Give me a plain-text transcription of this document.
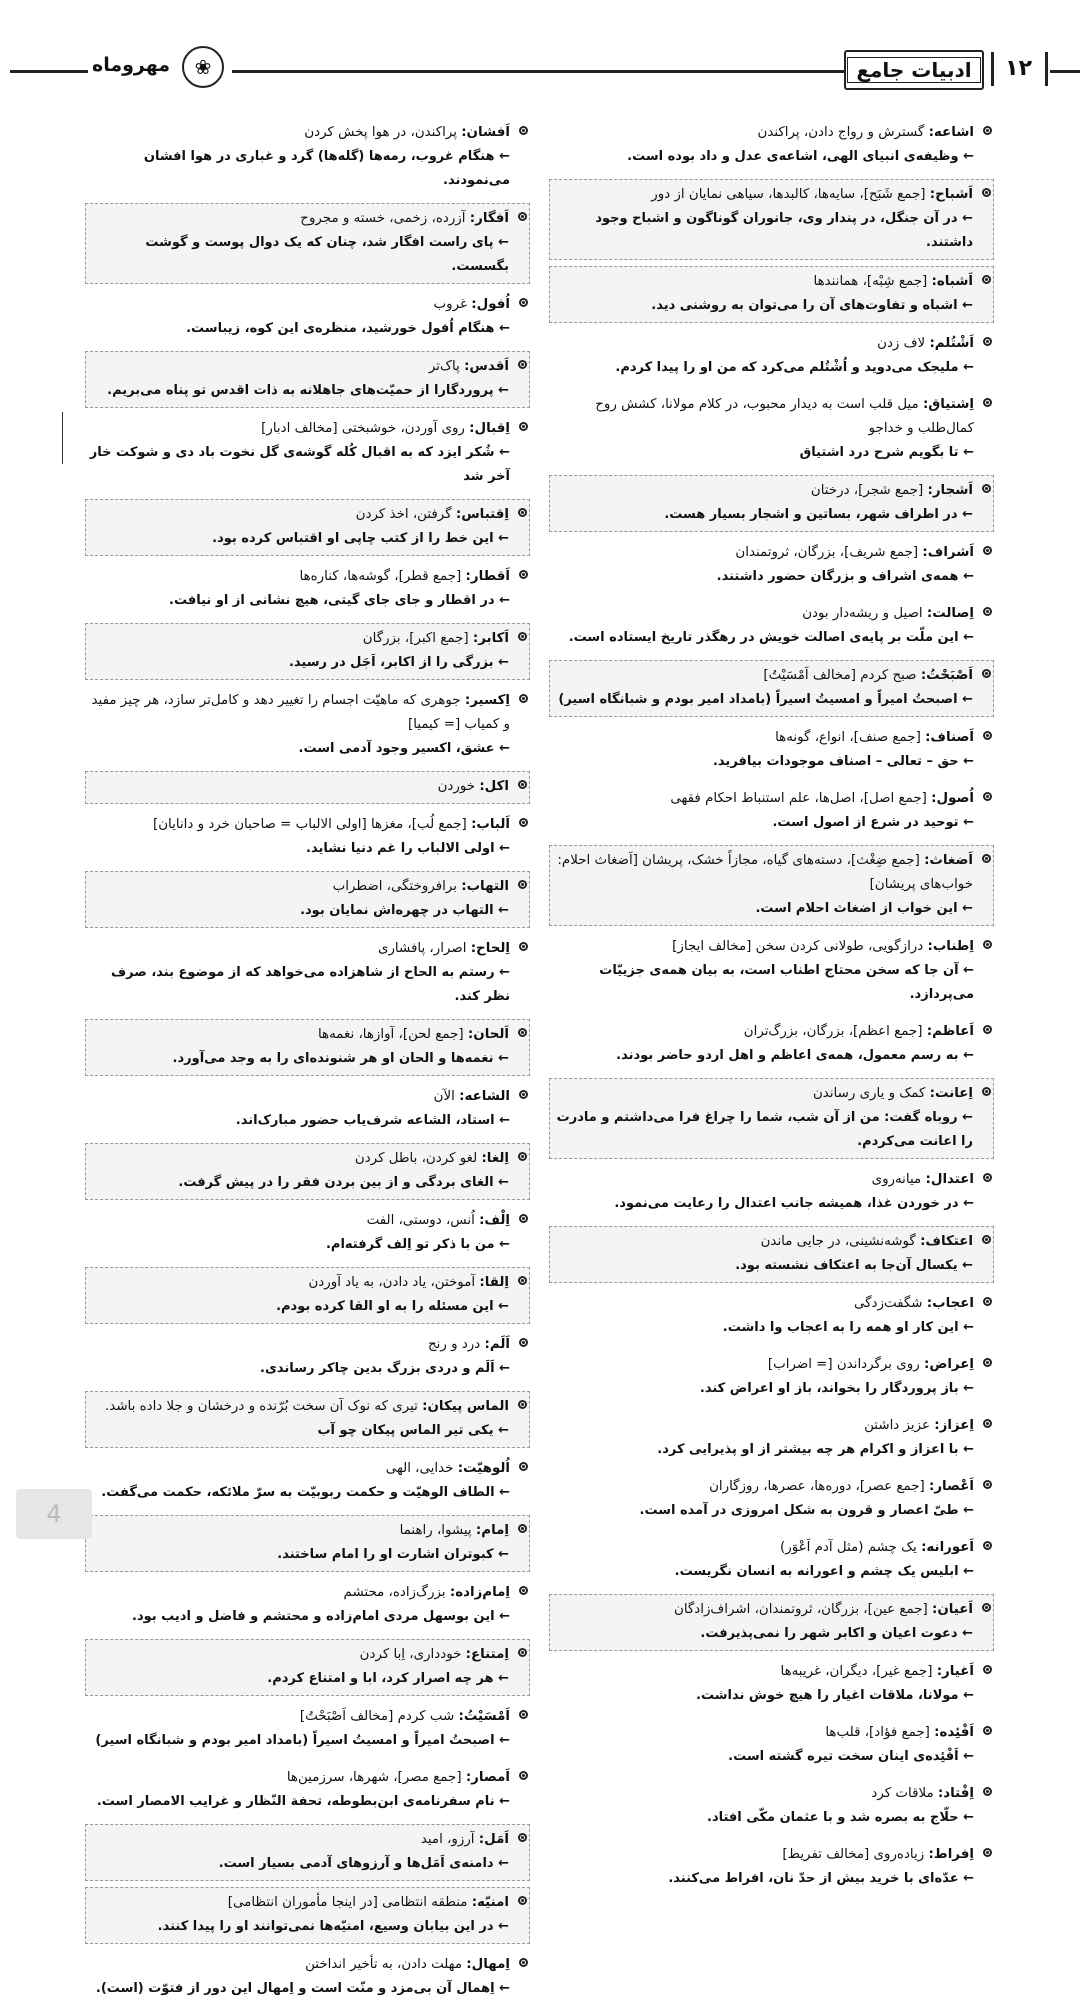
۱۲
ادبیات جامع
❀
مهروماه
اشاعه: گسترش و رواج دادن، پراکندن
← وظیفه‌ی انبیای الهی، اشاعه‌ی عدل و داد بوده است.
اَشباح: [جمع شَبَح]، سایه‌ها، کالبدها، سیاهی نمایان از دور
← در آن جنگل، در پندار وی، جانوران گوناگون و اشباح وجود داشتند.
اَشباه: [جمع شِبْه]، همانندها
← اشباه و تفاوت‌های آن را می‌توان به روشنی دید.
اَشْتُلم: لاف زدن
← ملیجک می‌دوید و اُشْتُلم می‌کرد که من او را پیدا کردم.
اِشتیاق: میل قلب است به دیدار محبوب، در کلام مولانا، کشش روح کمال‌طلب و خداجو
← تا بگویم شرح درد اشتیاق
اَشجار: [جمع شجر]، درختان
← در اطراف شهر، بساتین و اشجار بسیار هست.
اَشراف: [جمع شریف]، بزرگان، ثروتمندان
← همه‌ی اشراف و بزرگان حضور داشتند.
اِصالت: اصیل و ریشه‌دار بودن
← این ملّت بر پایه‌ی اصالت خویش در رهگذر تاریخ ایستاده است.
اَصْبَحْتُ: صبح کردم [مخالف اَمْسَیْتُ]
← اصبحتُ امیراً و امسیتُ اسیراً (بامداد امیر بودم و شبانگاه اسیر)
اَصناف: [جمع صنف]، انواع، گونه‌ها
← حق – تعالی – اصناف موجودات بیافرید.
اُصول: [جمع اصل]، اصل‌ها، علم استنباط احکام فقهی
← توحید در شرع از اصول است.
اَضغاث: [جمع ضِغْث]، دسته‌های گیاه، مجازاً خشک، پریشان [اَضغاث احلام: خواب‌های پریشان]
← این خواب از اضغاث احلام است.
اِطناب: درازگویی، طولانی کردن سخن [مخالف ایجاز]
← آن جا که سخن محتاج اطناب است، به بیان همه‌ی جزییّات می‌پردازد.
اَعاظم: [جمع اعظم]، بزرگان، بزرگ‌تران
← به رسم معمول، همه‌ی اعاظم و اهل اردو حاضر بودند.
اِعانت: کمک و یاری رساندن
← روباه گفت: من از آن شب، شما را چراغ فرا می‌داشتم و مادرت را اعانت می‌کردم.
اعتدال: میانه‌روی
← در خوردن غذا، همیشه جانب اعتدال را رعایت می‌نمود.
اعتکاف: گوشه‌نشینی، در جایی ماندن
← یکسال آن‌جا به اعتکاف نشسته بود.
اعجاب: شگفت‌زدگی
← این کار او همه را به اعجاب وا داشت.
اِعراض: روی برگرداندن [= اضراب]
← باز پروردگار را بخواند، باز او اعراض کند.
اِعزاز: عزیز داشتن
← با اعزاز و اکرام هر چه بیشتر از او پذیرایی کرد.
اَعْصار: [جمع عصر]، دوره‌ها، عصرها، روزگاران
← طیّ اعصار و قرون به شکل امروزی در آمده است.
اَعورانه: یک چشم (مثل آدم اَعْوَر)
← ابلیس یک چشم و اعورانه به انسان نگریست.
اَعیان: [جمع عین]، بزرگان، ثروتمندان، اشراف‌زادگان
← دعوت اعیان و اکابر شهر را نمی‌پذیرفت.
اَغیار: [جمع غیر]، دیگران، غریبه‌ها
← مولانا، ملاقات اغیار را هیچ خوش نداشت.
اَفْئِده: [جمع فؤاد]، قلب‌ها
← اَفْئِده‌ی اینان سخت تیره گشته است.
اِفْتاد: ملاقات کرد
← حلّاج به بصره شد و با عثمان مکّی افتاد.
اِفراط: زیاده‌روی [مخالف تفریط]
← عدّه‌ای با خرید بیش از حدّ نان، افراط می‌کنند.
اَفشان: پراکندن، در هوا پخش کردن
← هنگام غروب، رمه‌ها (گله‌ها) گرد و غباری در هوا افشان می‌نمودند.
اَفگار: آزرده، زخمی، خسته و مجروح
← پای راست افگار شد، چنان که یک دوال پوست و گوشت بگسست.
اُفول: غروب
← هنگام اُفول خورشید، منظره‌ی این کوه، زیباست.
اَقدس: پاک‌تر
← پروردگارا از حمیّت‌های جاهلانه به ذات اقدس تو پناه می‌بریم.
اِقبال: روی آوردن، خوشبختی [مخالف ادبار]
← شُکر ایزد که به اقبال کُله گوشه‌ی گل نخوت باد دی و شوکت خار آخر شد
اِقتباس: گرفتن، اخذ کردن
← این خط را از کتب چاپی او اقتباس کرده بود.
اَقطار: [جمع قطر]، گوشه‌ها، کناره‌ها
← در اقطار و جای جای گیتی، هیچ نشانی از او نیافت.
اَکابر: [جمع اکبر]، بزرگان
← بزرگی را از اکابر، اَجَل در رسید.
اِکسیر: جوهری که ماهیّت اجسام را تغییر دهد و کامل‌تر سازد، هر چیز مفید و کمیاب [= کیمیا]
← عشق، اکسیر وجود آدمی است.
اکل: خوردن
اَلباب: [جمع لُب]، مغزها [اولی الالباب = صاحبان خرد و دانایان]
← اولی الالباب را غم دنیا نشاید.
التهاب: برافروختگی، اضطراب
← التهاب در چهره‌اش نمایان بود.
اِلحاح: اصرار، پافشاری
← رستم به الحاح از شاهزاده می‌خواهد که از موضوع بند، صرف نظر کند.
اَلحان: [جمع لحن]، آوازها، نغمه‌ها
← نغمه‌ها و الحان او هر شنونده‌ای را به وجد می‌آورد.
الشاعه: الآن
← استاد، الشاعه شرف‌یاب حضور مبارک‌اند.
اِلغا: لغو کردن، باطل کردن
← الغای بردگی و از بین بردن فقر را در پیش گرفت.
اِلْف: اُنس، دوستی، الفت
← من با ذکر تو اِلف گرفته‌ام.
اِلقا: آموختن، یاد دادن، به یاد آوردن
← این مسئله را به او القا کرده بودم.
اَلَم: درد و رنج
← اَلَم و دردی بزرگ بدین چاکر رساندی.
الماس پیکان: تیری که نوک آن سخت بُرّنده و درخشان و جلا داده باشد.
← یکی تیر الماس پیکان چو آب
اُلوهیّت: خدایی، الهی
← الطاف الوهیّت و حکمت ربوبیّت به سرّ ملائکه، حکمت می‌گفت.
اِمام: پیشوا، راهنما
← کبوتران اشارت او را امام ساختند.
اِمام‌زاده: بزرگ‌زاده، محتشم
← این بوسهل مردی امام‌زاده و محتشم و فاضل و ادیب بود.
اِمتناع: خودداری، اِبا کردن
← هر چه اصرار کرد، ابا و امتناع کردم.
اَمْسَیْتُ: شب کردم [مخالف اَصْبَحْتُ]
← اصبحتُ امیراً و امسیتُ اسیراً (بامداد امیر بودم و شبانگاه اسیر)
اَمصار: [جمع مصر]، شهرها، سرزمین‌ها
← نام سفرنامه‌ی ابن‌بطوطه، تحفة النّظار و غرایب الامصار است.
اَمَل: آرزو، امید
← دامنه‌ی اَمَل‌ها و آرزوهای آدمی بسیار است.
امنیّه: منطقه انتظامی [در اینجا مأموران انتظامی]
← در این بیابان وسیع، امنیّه‌ها نمی‌توانند او را پیدا کنند.
اِمهال: مهلت دادن، به تأخیر انداختن
← اِهمال آن بی‌مزد و منّت است و اِمهال این دور از فتوّت (است).
4
